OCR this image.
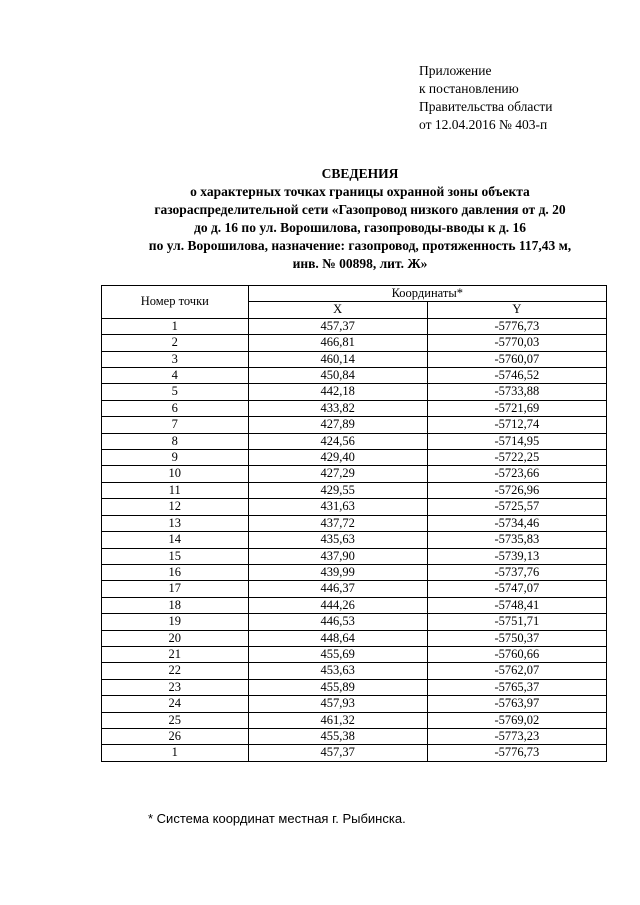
Приложение
к постановлению
Правительства области
от 12.04.2016 № 403-п
СВЕДЕНИЯ
о характерных точках границы охранной зоны объекта
газораспределительной сети «Газопровод низкого давления от д. 20
до д. 16 по ул. Ворошилова, газопроводы-вводы к д. 16
по ул. Ворошилова, назначение: газопровод, протяженность 117,43 м,
инв. № 00898, лит. Ж»
Номер точки	Координаты*	
	X	Y
1	457,37	-5776,73
2	466,81	-5770,03
3	460,14	-5760,07
4	450,84	-5746,52
5	442,18	-5733,88
6	433,82	-5721,69
7	427,89	-5712,74
8	424,56	-5714,95
9	429,40	-5722,25
10	427,29	-5723,66
11	429,55	-5726,96
12	431,63	-5725,57
13	437,72	-5734,46
14	435,63	-5735,83
15	437,90	-5739,13
16	439,99	-5737,76
17	446,37	-5747,07
18	444,26	-5748,41
19	446,53	-5751,71
20	448,64	-5750,37
21	455,69	-5760,66
22	453,63	-5762,07
23	455,89	-5765,37
24	457,93	-5763,97
25	461,32	-5769,02
26	455,38	-5773,23
1	457,37	-5776,73
* Система координат местная г. Рыбинска.
